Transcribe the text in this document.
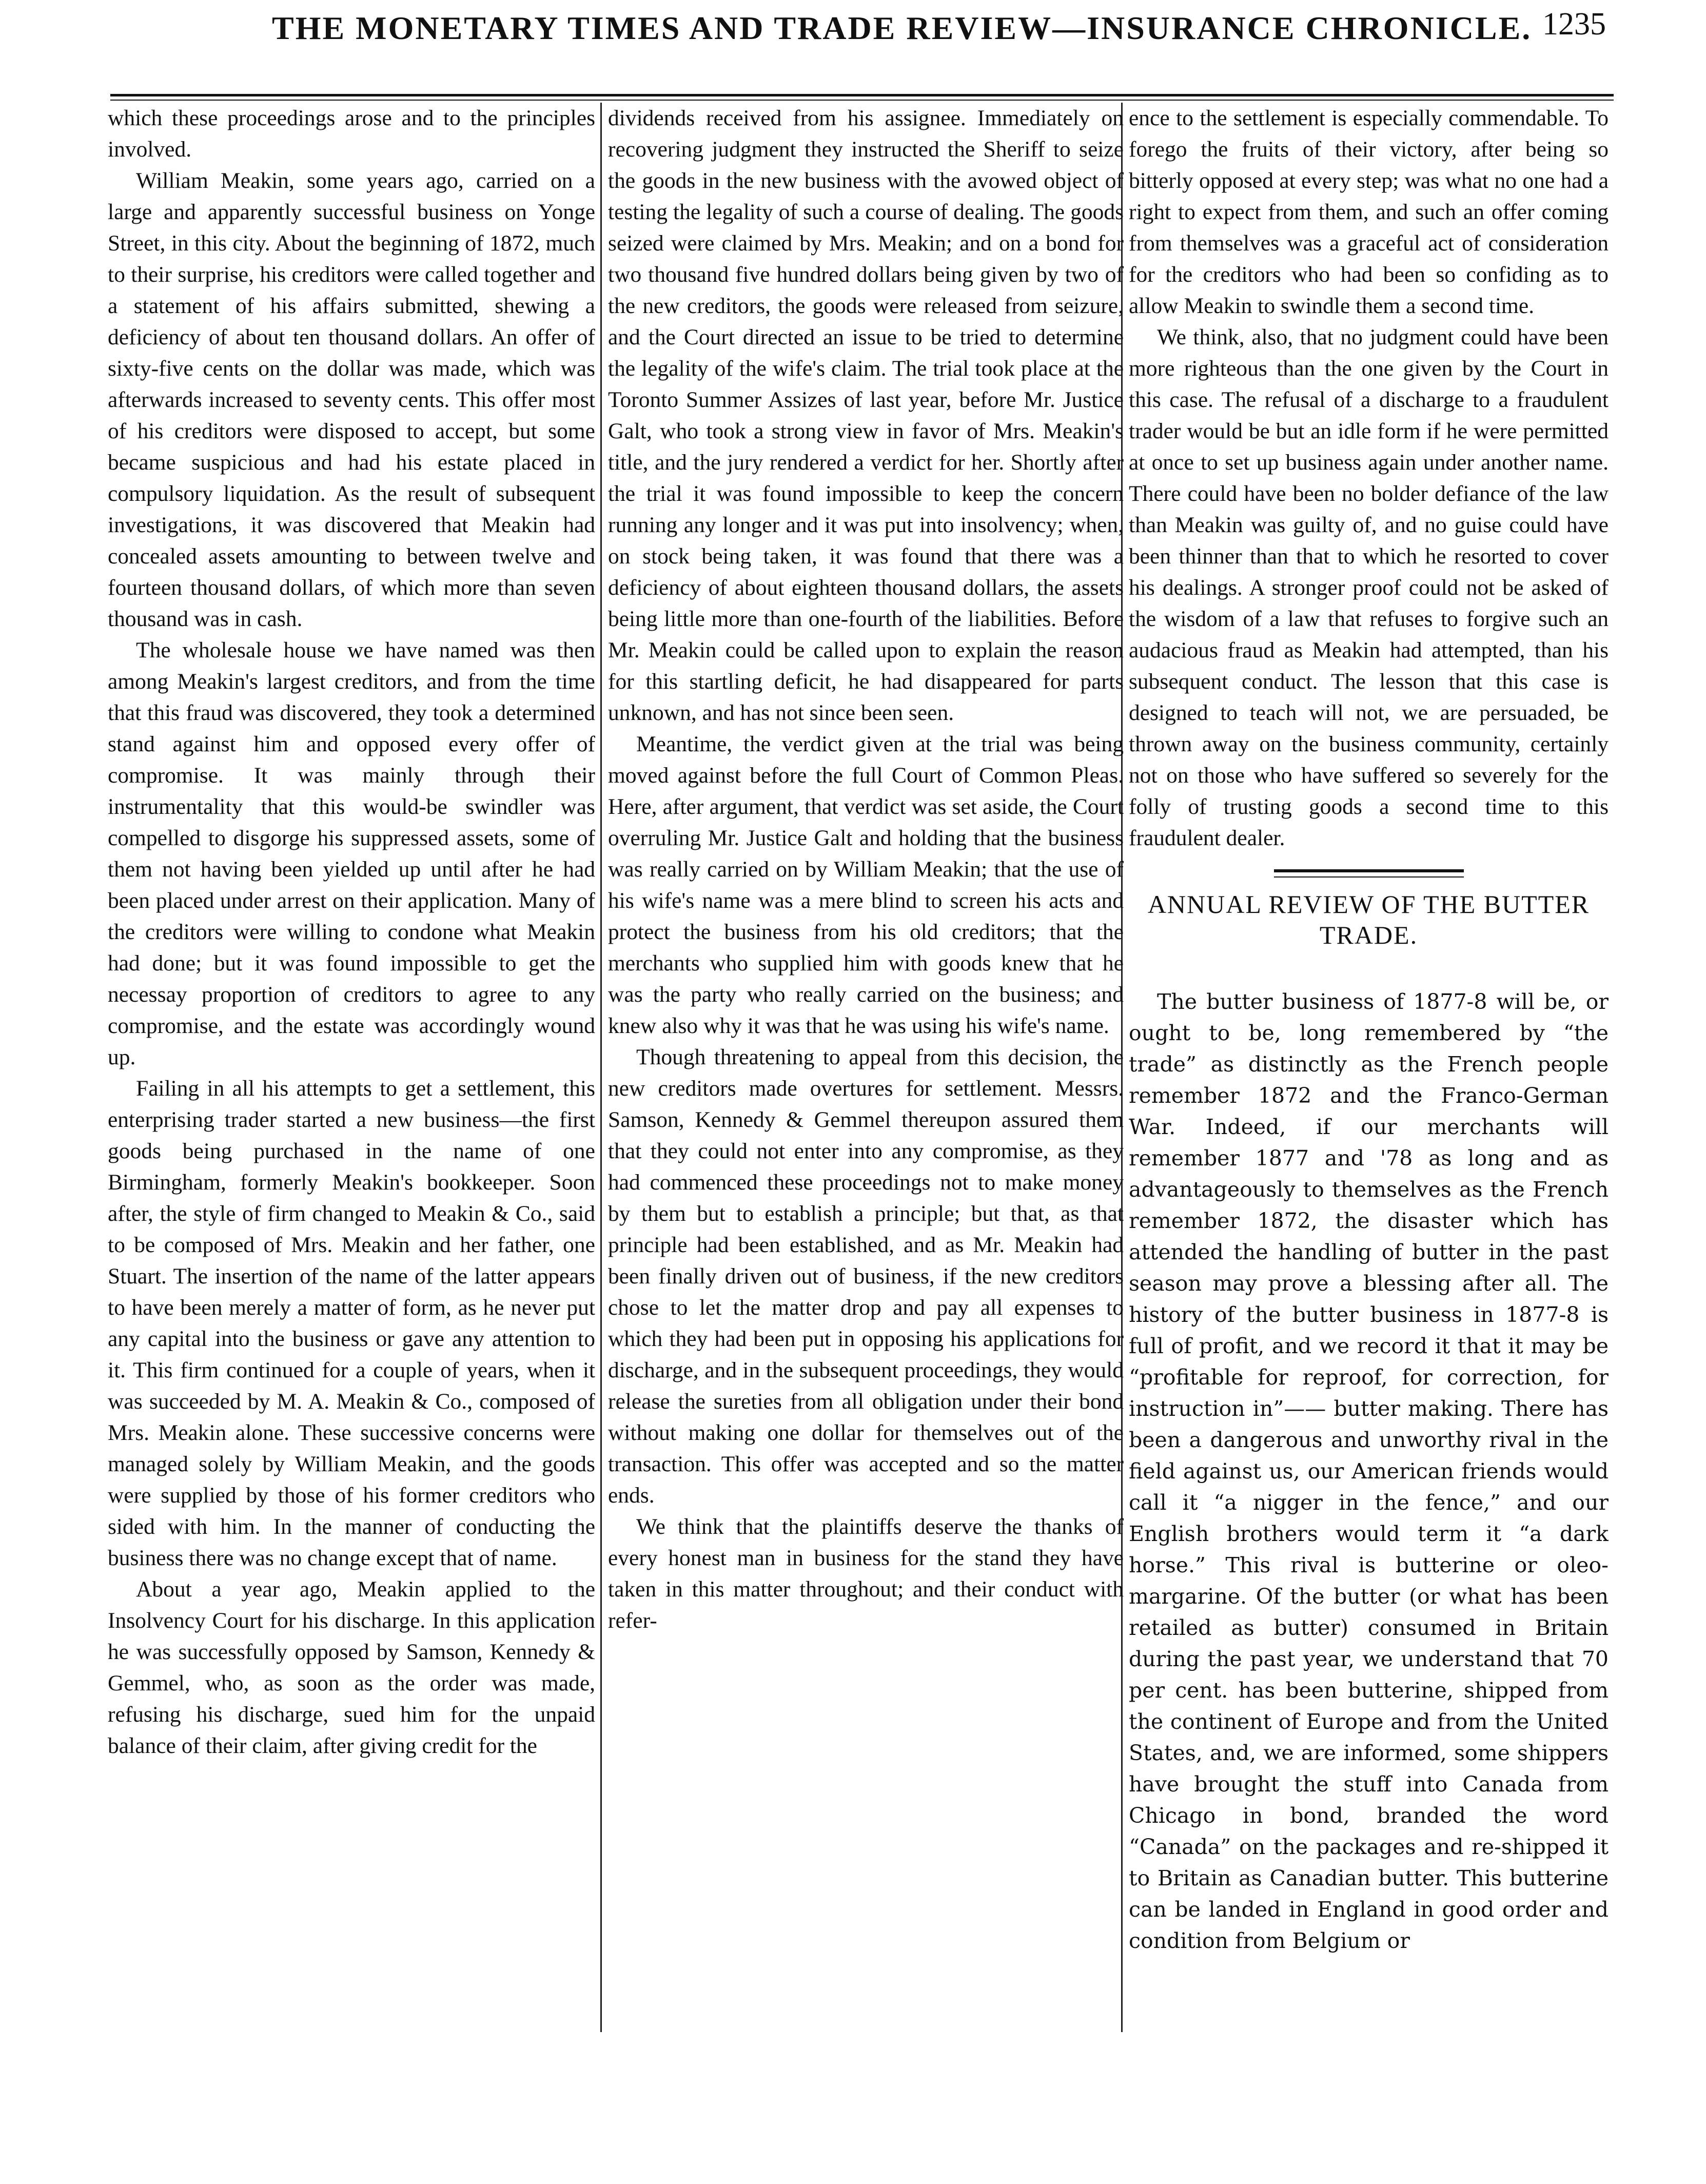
THE MONETARY TIMES AND TRADE REVIEW—INSURANCE CHRONICLE. 1235

which these proceedings arose and to the principles involved.

William Meakin, some years ago, carried on a large and apparently successful business on Yonge Street, in this city. About the beginning of 1872, much to their surprise, his creditors were called together and a statement of his affairs submitted, shewing a deficiency of about ten thousand dollars. An offer of sixty-five cents on the dollar was made, which was afterwards increased to seventy cents. This offer most of his creditors were disposed to accept, but some became suspicious and had his estate placed in compulsory liquidation. As the result of subsequent investigations, it was discovered that Meakin had concealed assets amounting to between twelve and fourteen thousand dollars, of which more than seven thousand was in cash.

The wholesale house we have named was then among Meakin's largest creditors, and from the time that this fraud was discovered, they took a determined stand against him and opposed every offer of compromise. It was mainly through their instrumentality that this would-be swindler was compelled to disgorge his suppressed assets, some of them not having been yielded up until after he had been placed under arrest on their application. Many of the creditors were willing to condone what Meakin had done; but it was found impossible to get the necessay proportion of creditors to agree to any compromise, and the estate was accordingly wound up.

Failing in all his attempts to get a settlement, this enterprising trader started a new business—the first goods being purchased in the name of one Birmingham, formerly Meakin's bookkeeper. Soon after, the style of firm changed to Meakin & Co., said to be composed of Mrs. Meakin and her father, one Stuart. The insertion of the name of the latter appears to have been merely a matter of form, as he never put any capital into the business or gave any attention to it. This firm continued for a couple of years, when it was succeeded by M. A. Meakin & Co., composed of Mrs. Meakin alone. These successive concerns were managed solely by William Meakin, and the goods were supplied by those of his former creditors who sided with him. In the manner of conducting the business there was no change except that of name.

About a year ago, Meakin applied to the Insolvency Court for his discharge. In this application he was successfully opposed by Samson, Kennedy & Gemmel, who, as soon as the order was made, refusing his discharge, sued him for the unpaid balance of their claim, after giving credit for the

dividends received from his assignee. Immediately on recovering judgment they instructed the Sheriff to seize the goods in the new business with the avowed object of testing the legality of such a course of dealing. The goods seized were claimed by Mrs. Meakin; and on a bond for two thousand five hundred dollars being given by two of the new creditors, the goods were released from seizure, and the Court directed an issue to be tried to determine the legality of the wife's claim. The trial took place at the Toronto Summer Assizes of last year, before Mr. Justice Galt, who took a strong view in favor of Mrs. Meakin's title, and the jury rendered a verdict for her. Shortly after the trial it was found impossible to keep the concern running any longer and it was put into insolvency; when, on stock being taken, it was found that there was a deficiency of about eighteen thousand dollars, the assets being little more than one-fourth of the liabilities. Before Mr. Meakin could be called upon to explain the reason for this startling deficit, he had disappeared for parts unknown, and has not since been seen.

Meantime, the verdict given at the trial was being moved against before the full Court of Common Pleas. Here, after argument, that verdict was set aside, the Court overruling Mr. Justice Galt and holding that the business was really carried on by William Meakin; that the use of his wife's name was a mere blind to screen his acts and protect the business from his old creditors; that the merchants who supplied him with goods knew that he was the party who really carried on the business; and knew also why it was that he was using his wife's name.

Though threatening to appeal from this decision, the new creditors made overtures for settlement. Messrs. Samson, Kennedy & Gemmel thereupon assured them that they could not enter into any compromise, as they had commenced these proceedings not to make money by them but to establish a principle; but that, as that principle had been established, and as Mr. Meakin had been finally driven out of business, if the new creditors chose to let the matter drop and pay all expenses to which they had been put in opposing his applications for discharge, and in the subsequent proceedings, they would release the sureties from all obligation under their bond without making one dollar for themselves out of the transaction. This offer was accepted and so the matter ends.

We think that the plaintiffs deserve the thanks of every honest man in business for the stand they have taken in this matter throughout; and their conduct with refer-

ence to the settlement is especially commendable. To forego the fruits of their victory, after being so bitterly opposed at every step; was what no one had a right to expect from them, and such an offer coming from themselves was a graceful act of consideration for the creditors who had been so confiding as to allow Meakin to swindle them a second time.

We think, also, that no judgment could have been more righteous than the one given by the Court in this case. The refusal of a discharge to a fraudulent trader would be but an idle form if he were permitted at once to set up business again under another name. There could have been no bolder defiance of the law than Meakin was guilty of, and no guise could have been thinner than that to which he resorted to cover his dealings. A stronger proof could not be asked of the wisdom of a law that refuses to forgive such an audacious fraud as Meakin had attempted, than his subsequent conduct. The lesson that this case is designed to teach will not, we are persuaded, be thrown away on the business community, certainly not on those who have suffered so severely for the folly of trusting goods a second time to this fraudulent dealer.

ANNUAL REVIEW OF THE BUTTER TRADE.

The butter business of 1877-8 will be, or ought to be, long remembered by “the trade” as distinctly as the French people remember 1872 and the Franco-German War. Indeed, if our merchants will remember 1877 and '78 as long and as advantageously to themselves as the French remember 1872, the disaster which has attended the handling of butter in the past season may prove a blessing after all. The history of the butter business in 1877-8 is full of profit, and we record it that it may be “profitable for reproof, for correction, for instruction in”—— butter making. There has been a dangerous and unworthy rival in the field against us, our American friends would call it “a nigger in the fence,” and our English brothers would term it “a dark horse.” This rival is butterine or oleo-margarine. Of the butter (or what has been retailed as butter) consumed in Britain during the past year, we understand that 70 per cent. has been butterine, shipped from the continent of Europe and from the United States, and, we are informed, some shippers have brought the stuff into Canada from Chicago in bond, branded the word “Canada” on the packages and re-shipped it to Britain as Canadian butter. This butterine can be landed in England in good order and condition from Belgium or
